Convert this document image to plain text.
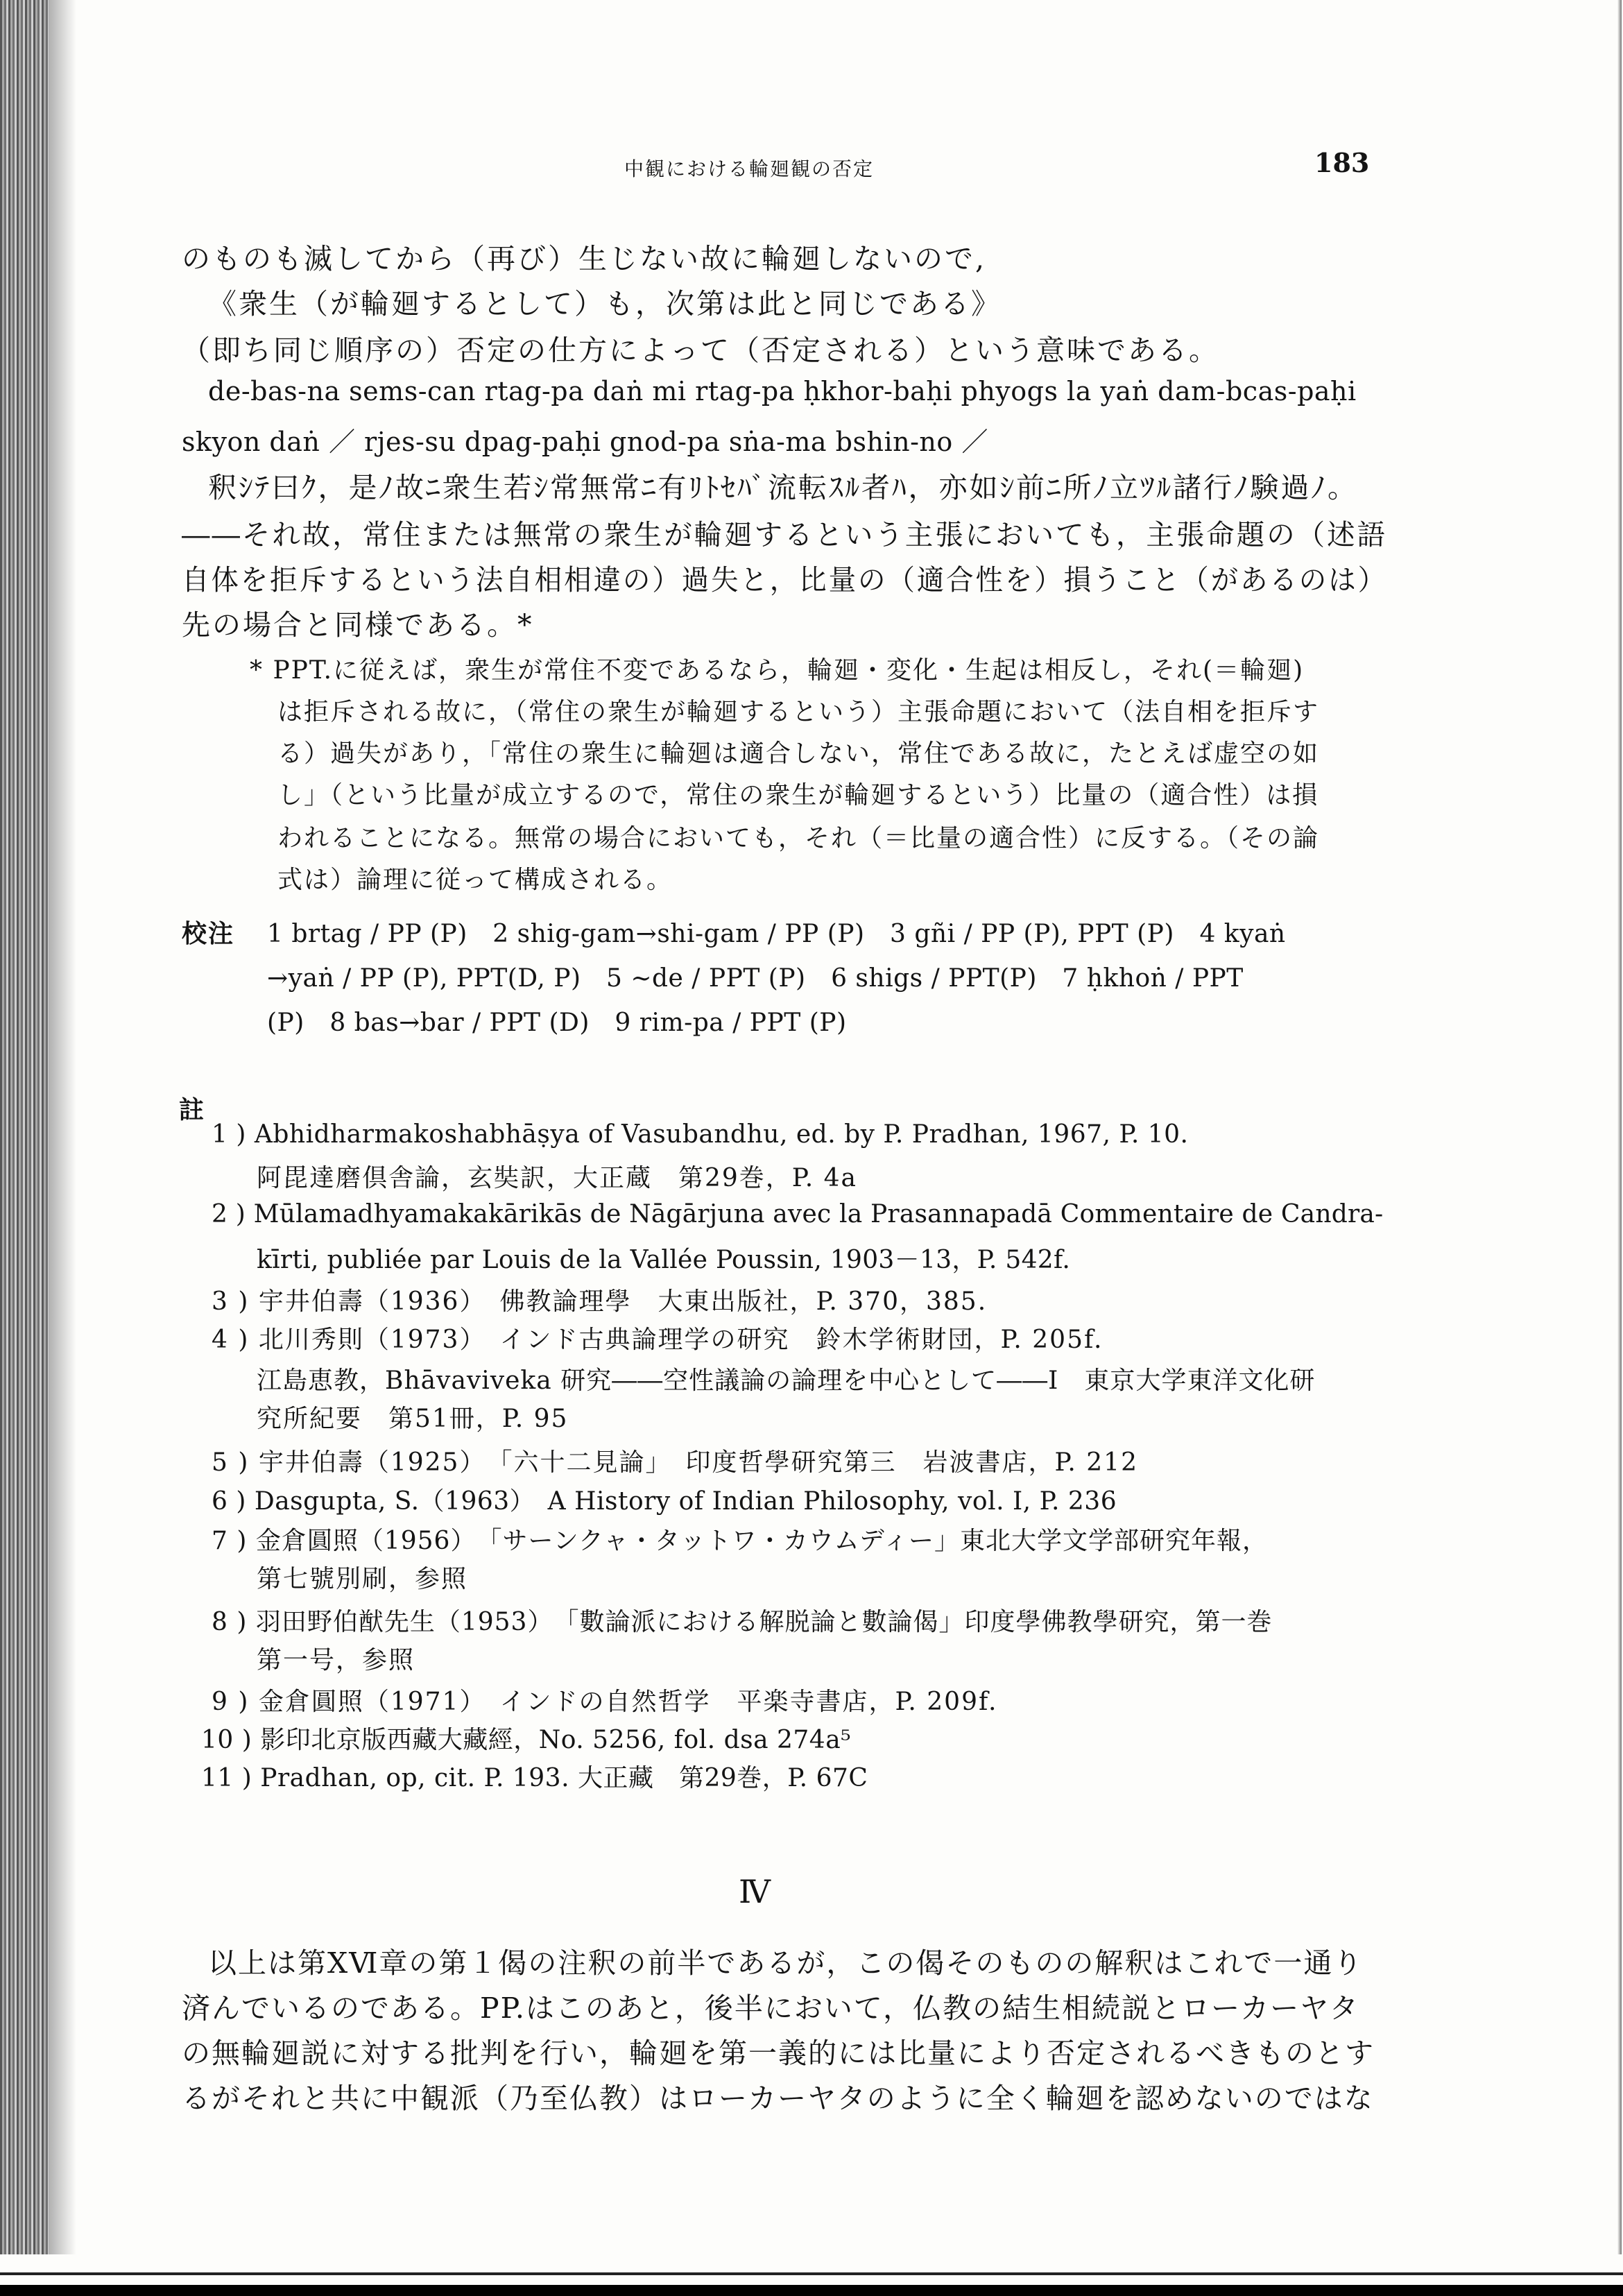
中観における輪廻観の否定	183
のものも滅してから（再び）生じない故に輪廻しないので,
《衆生（が輪廻するとして）も，次第は此と同じである》
（即ち同じ順序の）否定の仕方によって（否定される）という意味である。
de-bas-na sems-can rtag-pa daṅ mi rtag-pa ḥkhor-baḥi phyogs la yaṅ dam-bcas-paḥi
skyon daṅ ／ rjes-su dpag-paḥi gnod-pa sṅa-ma bshin-no ／
釈ｼﾃ曰ｸ，是ﾉ故ﾆ衆生若ｼ常無常ﾆ有ﾘﾄｾﾊﾞ流転ｽﾙ者ﾊ，亦如ｼ前ﾆ所ﾉ立ﾂﾙ諸行ﾉ験過ﾉ。
――それ故，常住または無常の衆生が輪廻するという主張においても，主張命題の（述語
自体を拒斥するという法自相相違の）過失と，比量の（適合性を）損うこと（があるのは）
先の場合と同様である。*
* PPT.に従えば，衆生が常住不変であるなら，輪廻・変化・生起は相反し，それ(＝輪廻)
は拒斥される故に，（常住の衆生が輪廻するという）主張命題において（法自相を拒斥す
る）過失があり，「常住の衆生に輪廻は適合しない，常住である故に，たとえば虚空の如
し」（という比量が成立するので，常住の衆生が輪廻するという）比量の（適合性）は損
われることになる。無常の場合においても，それ（＝比量の適合性）に反する。（その論
式は）論理に従って構成される。
校注 1 brtag / PP (P)　2 shig-gam→shi-gam / PP (P)　3 gñi / PP (P), PPT (P)　4 kyaṅ
→yaṅ / PP (P), PPT(D, P)　5 ~de / PPT (P)　6 shigs / PPT(P)　7 ḥkhoṅ / PPT
(P)　8 bas→bar / PPT (D)　9 rim-pa / PPT (P)
註
1 ) Abhidharmakoshabhāṣya of Vasubandhu, ed. by P. Pradhan, 1967, P. 10.
阿毘達磨倶舎論，玄奘訳，大正蔵　第29巻，P. 4a
2 ) Mūlamadhyamakakārikās de Nāgārjuna avec la Prasannapadā Commentaire de Candra-
kīrti, publiée par Louis de la Vallée Poussin, 1903－13，P. 542f.
3 ) 宇井伯壽（1936）　佛教論理學　大東出版社，P. 370，385.
4 ) 北川秀則（1973）　インド古典論理学の研究　鈴木学術財団，P. 205f.
江島恵教，Bhāvaviveka 研究――空性議論の論理を中心として――Ⅰ　東京大学東洋文化研
究所紀要　第51冊，P. 95
5 ) 宇井伯壽（1925）　「六十二見論」　印度哲學研究第三　岩波書店，P. 212
6 ) Dasgupta, S.（1963）　A History of Indian Philosophy, vol. I, P. 236
7 ) 金倉圓照（1956）　「サーンクャ・タットワ・カウムディー」東北大学文学部研究年報，
第七號別刷，参照
8 ) 羽田野伯猷先生（1953）　「數論派における解脱論と數論偈」印度學佛教學研究，第一巻
第一号，参照
9 ) 金倉圓照（1971）　インドの自然哲学　平楽寺書店，P. 209f.
10 ) 影印北京版西藏大藏經，No. 5256, fol. dsa 274a⁵
11 ) Pradhan, op, cit. P. 193. 大正藏　第29巻，P. 67C
Ⅳ
以上は第ⅩⅥ章の第１偈の注釈の前半であるが，この偈そのものの解釈はこれで一通り
済んでいるのである。PP.はこのあと，後半において，仏教の結生相続説とローカーヤタ
の無輪廻説に対する批判を行い，輪廻を第一義的には比量により否定されるべきものとす
るがそれと共に中観派（乃至仏教）はローカーヤタのように全く輪廻を認めないのではな
